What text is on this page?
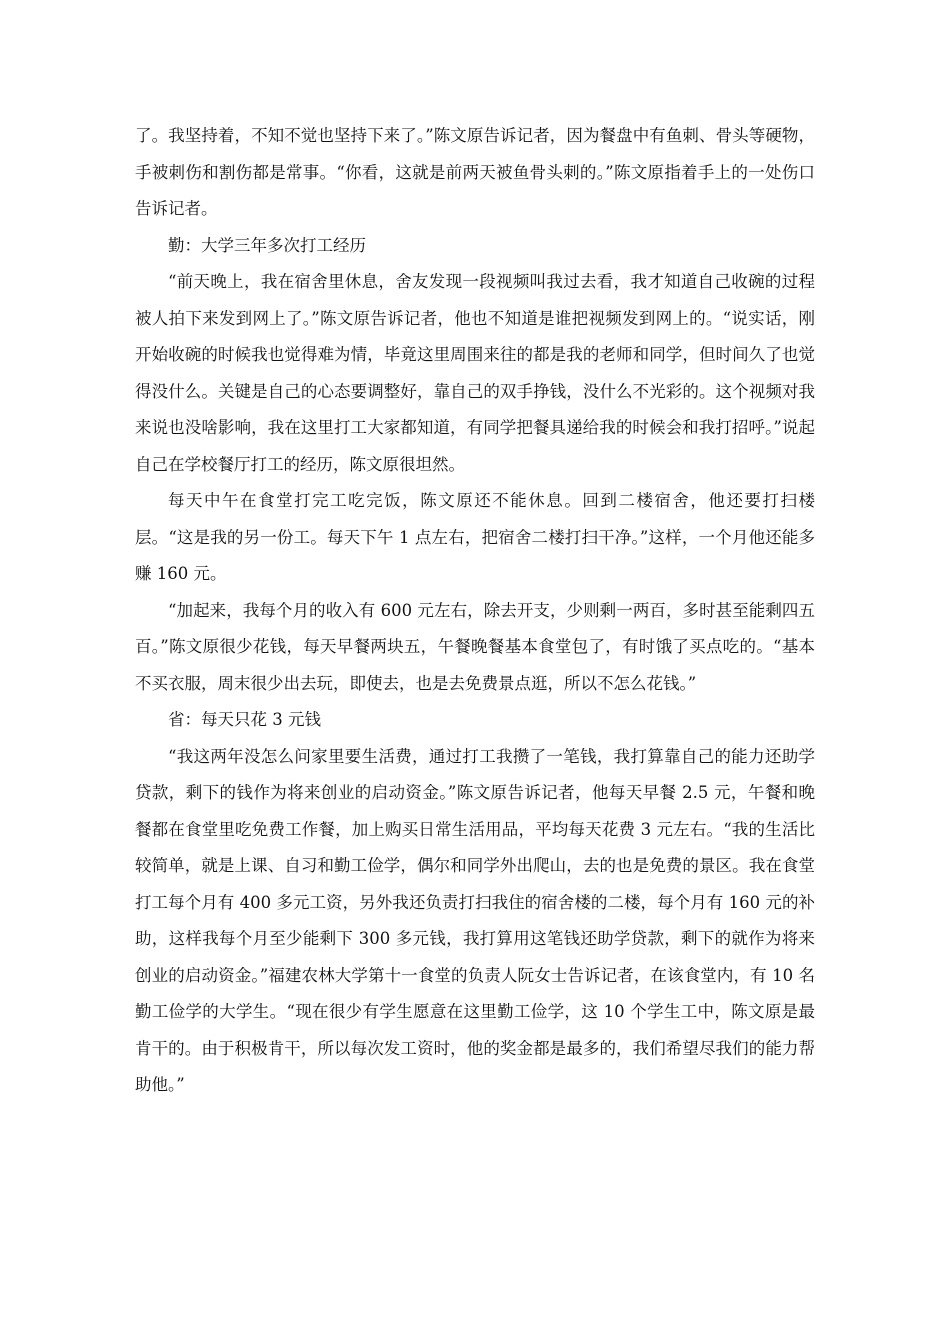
了。我坚持着，不知不觉也坚持下来了。”陈文原告诉记者，因为餐盘中有鱼刺、骨头等硬物，手被刺伤和割伤都是常事。“你看，这就是前两天被鱼骨头刺的。”陈文原指着手上的一处伤口告诉记者。

勤：大学三年多次打工经历

“前天晚上，我在宿舍里休息，舍友发现一段视频叫我过去看，我才知道自己收碗的过程被人拍下来发到网上了。”陈文原告诉记者，他也不知道是谁把视频发到网上的。“说实话，刚开始收碗的时候我也觉得难为情，毕竟这里周围来往的都是我的老师和同学，但时间久了也觉得没什么。关键是自己的心态要调整好，靠自己的双手挣钱，没什么不光彩的。这个视频对我来说也没啥影响，我在这里打工大家都知道，有同学把餐具递给我的时候会和我打招呼。”说起自己在学校餐厅打工的经历，陈文原很坦然。

每天中午在食堂打完工吃完饭，陈文原还不能休息。回到二楼宿舍，他还要打扫楼层。“这是我的另一份工。每天下午 1 点左右，把宿舍二楼打扫干净。”这样，一个月他还能多赚 160 元。

“加起来，我每个月的收入有 600 元左右，除去开支，少则剩一两百，多时甚至能剩四五百。”陈文原很少花钱，每天早餐两块五，午餐晚餐基本食堂包了，有时饿了买点吃的。“基本不买衣服，周末很少出去玩，即使去，也是去免费景点逛，所以不怎么花钱。”

省：每天只花 3 元钱

“我这两年没怎么问家里要生活费，通过打工我攒了一笔钱，我打算靠自己的能力还助学贷款，剩下的钱作为将来创业的启动资金。”陈文原告诉记者，他每天早餐 2.5 元，午餐和晚餐都在食堂里吃免费工作餐，加上购买日常生活用品，平均每天花费 3 元左右。“我的生活比较简单，就是上课、自习和勤工俭学，偶尔和同学外出爬山，去的也是免费的景区。我在食堂打工每个月有 400 多元工资，另外我还负责打扫我住的宿舍楼的二楼，每个月有 160 元的补助，这样我每个月至少能剩下 300 多元钱，我打算用这笔钱还助学贷款，剩下的就作为将来创业的启动资金。”福建农林大学第十一食堂的负责人阮女士告诉记者，在该食堂内，有 10 名勤工俭学的大学生。“现在很少有学生愿意在这里勤工俭学，这 10 个学生工中，陈文原是最肯干的。由于积极肯干，所以每次发工资时，他的奖金都是最多的，我们希望尽我们的能力帮助他。”
